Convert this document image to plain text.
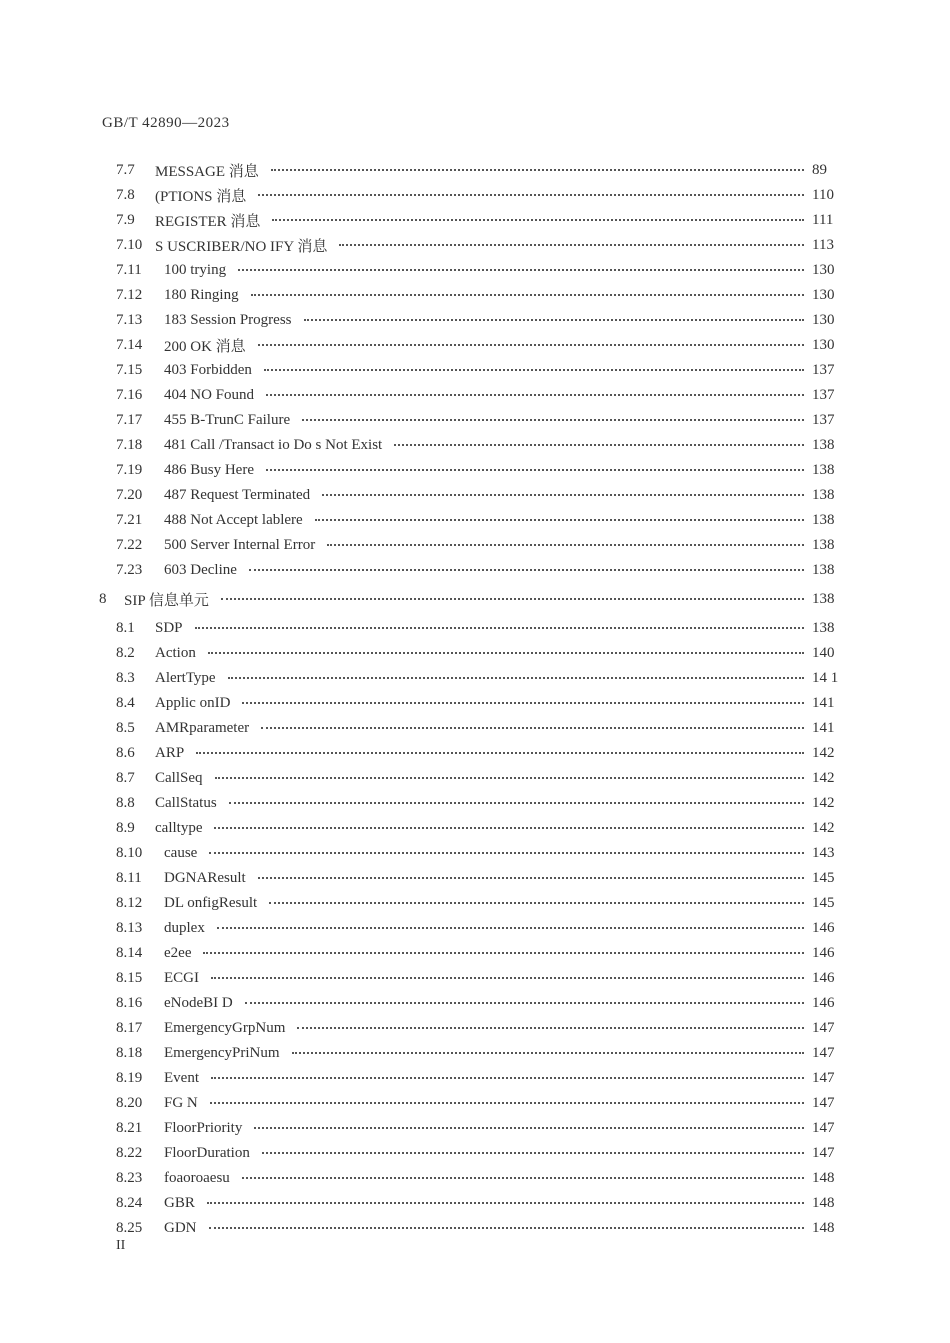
GB/T 42890—2023
7.7 MESSAGE 消息	89
7.8 (PTIONS 消息	110
7.9 REGISTER 消息	111
7.10 S USCRIBER/NO IFY 消息	113
7.11 100 trying	130
7.12 180 Ringing	130
7.13 183 Session Progress	130
7.14 200 OK 消息	130
7.15 403 Forbidden	137
7.16 404 NO Found	137
7.17 455 B-TrunC Failure	137
7.18 481 Call /Transact io Do s Not Exist	138
7.19 486 Busy Here	138
7.20 487 Request Terminated	138
7.21 488 Not Accept lablere	138
7.22 500 Server Internal Error	138
7.23 603 Decline	138
8 SIP 信息单元	138
8.1 SDP	138
8.2 Action	140
8.3 AlertType	14 1
8.4 Applic onID	141
8.5 AMRparameter	141
8.6 ARP	142
8.7 CallSeq	142
8.8 CallStatus	142
8.9 calltype	142
8.10 cause	143
8.11 DGNAResult	145
8.12 DL onfigResult	145
8.13 duplex	146
8.14 e2ee	146
8.15 ECGI	146
8.16 eNodeBI D	146
8.17 EmergencyGrpNum	147
8.18 EmergencyPriNum	147
8.19 Event	147
8.20 FG N	147
8.21 FloorPriority	147
8.22 FloorDuration	147
8.23 foaoroaesu	148
8.24 GBR	148
8.25 GDN	148
II
